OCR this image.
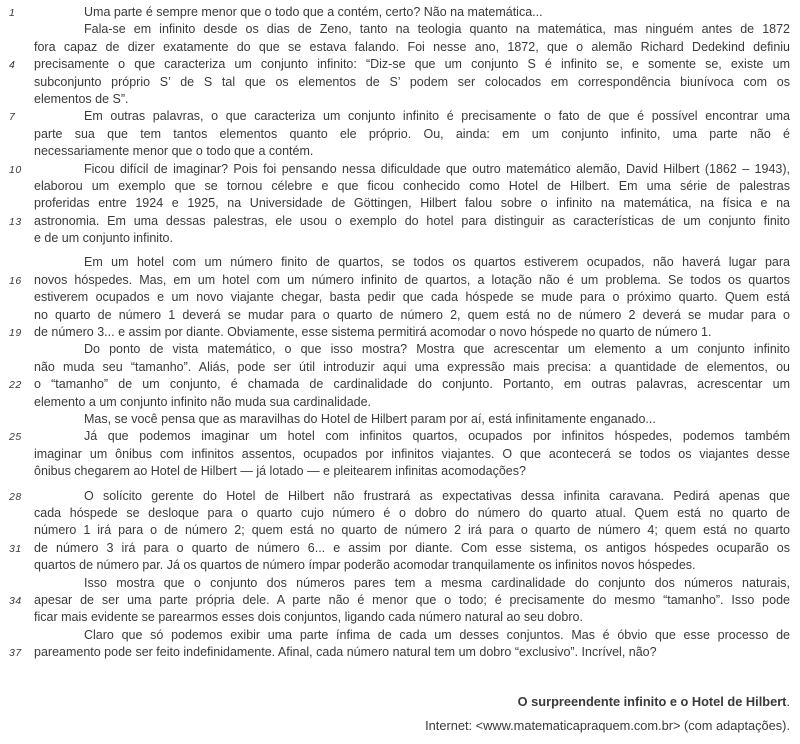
1	Uma parte é sempre menor que o todo que a contém, certo? Não na matemática...
Fala-se em infinito desde os dias de Zeno, tanto na teologia quanto na matemática, mas ninguém antes de 1872
fora capaz de dizer exatamente do que se estava falando. Foi nesse ano, 1872, que o alemão Richard Dedekind definiu
4	precisamente o que caracteriza um conjunto infinito: “Diz-se que um conjunto S é infinito se, e somente se, existe um
subconjunto próprio S’ de S tal que os elementos de S’ podem ser colocados em correspondência biunívoca com os
elementos de S”.
7	Em outras palavras, o que caracteriza um conjunto infinito é precisamente o fato de que é possível encontrar uma
parte sua que tem tantos elementos quanto ele próprio. Ou, ainda: em um conjunto infinito, uma parte não é
necessariamente menor que o todo que a contém.
10	Ficou difícil de imaginar? Pois foi pensando nessa dificuldade que outro matemático alemão, David Hilbert (1862 – 1943),
elaborou um exemplo que se tornou célebre e que ficou conhecido como Hotel de Hilbert. Em uma série de palestras
proferidas entre 1924 e 1925, na Universidade de Göttingen, Hilbert falou sobre o infinito na matemática, na física e na
13 astronomia. Em uma dessas palestras, ele usou o exemplo do hotel para distinguir as características de um conjunto finito
e de um conjunto infinito.
Em um hotel com um número finito de quartos, se todos os quartos estiverem ocupados, não haverá lugar para
16 novos hóspedes. Mas, em um hotel com um número infinito de quartos, a lotação não é um problema. Se todos os quartos
estiverem ocupados e um novo viajante chegar, basta pedir que cada hóspede se mude para o próximo quarto. Quem está
no quarto de número 1 deverá se mudar para o quarto de número 2, quem está no de número 2 deverá se mudar para o
19 de número 3... e assim por diante. Obviamente, esse sistema permitirá acomodar o novo hóspede no quarto de número 1.
Do ponto de vista matemático, o que isso mostra? Mostra que acrescentar um elemento a um conjunto infinito
não muda seu “tamanho”. Aliás, pode ser útil introduzir aqui uma expressão mais precisa: a quantidade de elementos, ou
22 o “tamanho” de um conjunto, é chamada de cardinalidade do conjunto. Portanto, em outras palavras, acrescentar um
elemento a um conjunto infinito não muda sua cardinalidade.
Mas, se você pensa que as maravilhas do Hotel de Hilbert param por aí, está infinitamente enganado...
25	Já que podemos imaginar um hotel com infinitos quartos, ocupados por infinitos hóspedes, podemos também
imaginar um ônibus com infinitos assentos, ocupados por infinitos viajantes. O que acontecerá se todos os viajantes desse
ônibus chegarem ao Hotel de Hilbert — já lotado — e pleitearem infinitas acomodações?
28	O solícito gerente do Hotel de Hilbert não frustrará as expectativas dessa infinita caravana. Pedirá apenas que
cada hóspede se desloque para o quarto cujo número é o dobro do número do quarto atual. Quem está no quarto de
número 1 irá para o de número 2; quem está no quarto de número 2 irá para o quarto de número 4; quem está no quarto
31 de número 3 irá para o quarto de número 6... e assim por diante. Com esse sistema, os antigos hóspedes ocuparão os
quartos de número par. Já os quartos de número ímpar poderão acomodar tranquilamente os infinitos novos hóspedes.
Isso mostra que o conjunto dos números pares tem a mesma cardinalidade do conjunto dos números naturais,
34 apesar de ser uma parte própria dele. A parte não é menor que o todo; é precisamente do mesmo “tamanho”. Isso pode
ficar mais evidente se parearmos esses dois conjuntos, ligando cada número natural ao seu dobro.
Claro que só podemos exibir uma parte ínfima de cada um desses conjuntos. Mas é óbvio que esse processo de
37 pareamento pode ser feito indefinidamente. Afinal, cada número natural tem um dobro “exclusivo”. Incrível, não?
O surpreendente infinito e o Hotel de Hilbert.
Internet: <www.matematicapraquem.com.br> (com adaptações).
